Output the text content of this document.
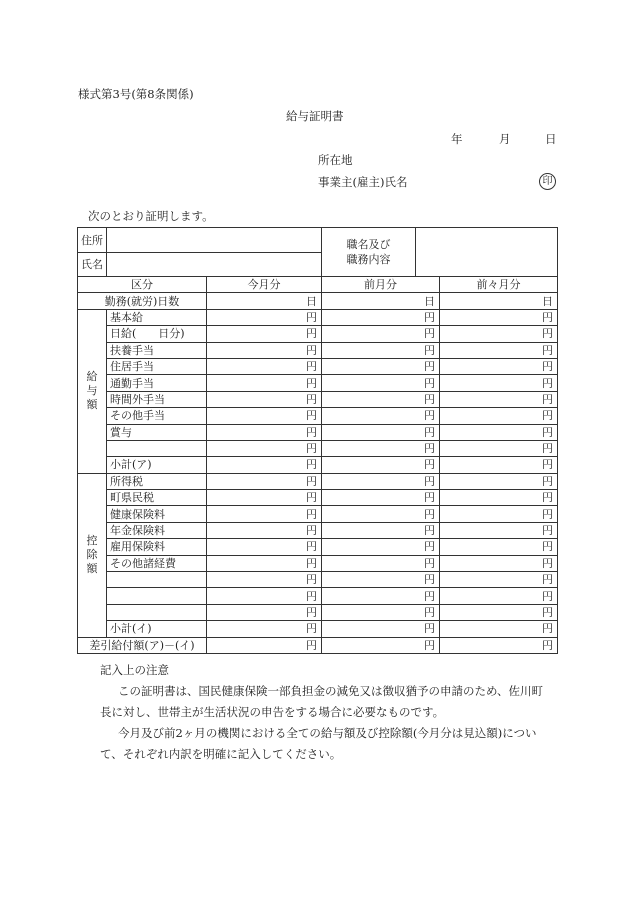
様式第3号(第8条関係)
給与証明書
年	月	日
所在地
事業主(雇主)氏名	印
次のとおり証明します。
住所		職名及び
職務内容	

氏名			
区分		今月分	前月分	前々月分
勤務(就労)日数		日	日	日

給
与
額	基本給	円	円	円
	日給(　　日分)	円	円	円
	扶養手当	円	円	円
	住居手当	円	円	円
	通勤手当	円	円	円
	時間外手当	円	円	円
	その他手当	円	円	円
	賞与	円	円	円
		円	円	円
	小計(ア)	円	円	円

控
除
額	所得税	円	円	円
	町県民税	円	円	円
	健康保険料	円	円	円
	年金保険料	円	円	円
	雇用保険料	円	円	円
	その他諸経費	円	円	円
		円	円	円
		円	円	円
		円	円	円
	小計(イ)	円	円	円
差引給付額(ア)－(イ)		円	円	円

記入上の注意

この証明書は、国民健康保険一部負担金の減免又は徴収猶予の申請のため、佐川町

長に対し、世帯主が生活状況の申告をする場合に必要なものです。

今月及び前2ヶ月の機関における全ての給与額及び控除額(今月分は見込額)につい

て、それぞれ内訳を明確に記入してください。
